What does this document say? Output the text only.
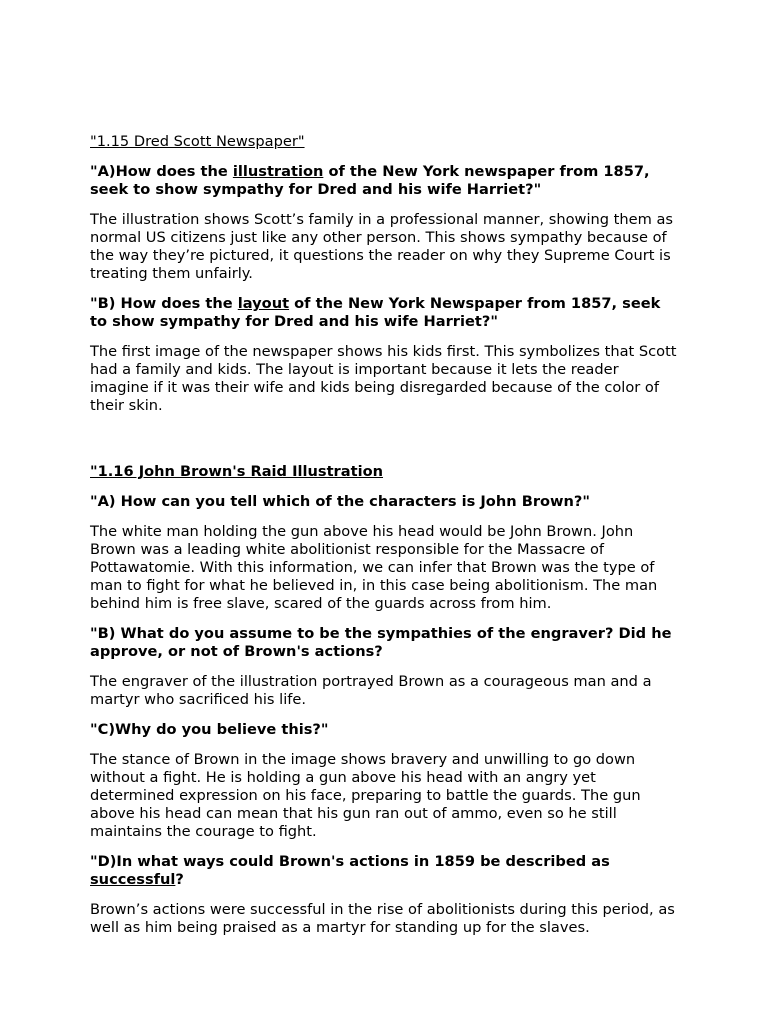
"1.15 Dred Scott Newspaper"

"A)How does the illustration of the New York newspaper from 1857, seek to show sympathy for Dred and his wife Harriet?"

The illustration shows Scott’s family in a professional manner, showing them as normal US citizens just like any other person. This shows sympathy because of the way they’re pictured, it questions the reader on why they Supreme Court is treating them unfairly.

"B) How does the layout of the New York Newspaper from 1857, seek to show sympathy for Dred and his wife Harriet?"

The first image of the newspaper shows his kids first. This symbolizes that Scott had a family and kids. The layout is important because it lets the reader imagine if it was their wife and kids being disregarded because of the color of their skin.

"1.16 John Brown's Raid Illustration

"A) How can you tell which of the characters is John Brown?"

The white man holding the gun above his head would be John Brown. John Brown was a leading white abolitionist responsible for the Massacre of Pottawatomie. With this information, we can infer that Brown was the type of man to fight for what he believed in, in this case being abolitionism. The man behind him is free slave, scared of the guards across from him.

"B) What do you assume to be the sympathies of the engraver? Did he approve, or not of Brown's actions?

The engraver of the illustration portrayed Brown as a courageous man and a martyr who sacrificed his life.

"C)Why do you believe this?"

The stance of Brown in the image shows bravery and unwilling to go down without a fight. He is holding a gun above his head with an angry yet determined expression on his face, preparing to battle the guards. The gun above his head can mean that his gun ran out of ammo, even so he still maintains the courage to fight.

"D)In what ways could Brown's actions in 1859 be described as successful?

Brown’s actions were successful in the rise of abolitionists during this period, as well as him being praised as a martyr for standing up for the slaves.
